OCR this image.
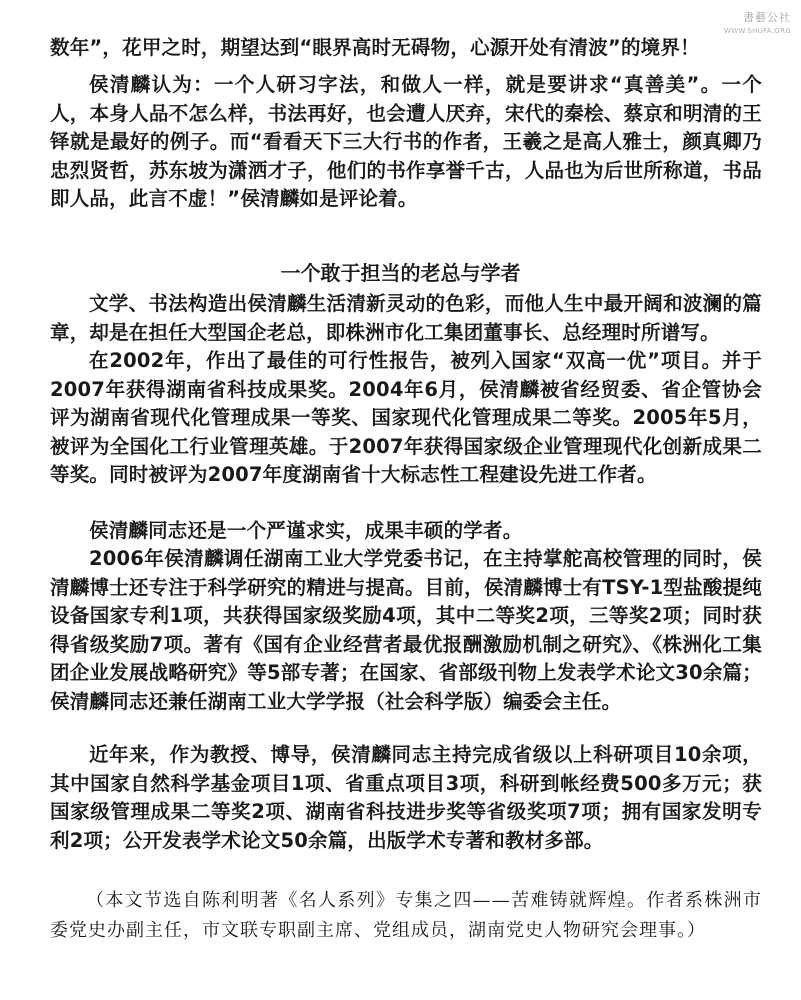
書藝公社
WWW.SHUFA.ORG

数年”，花甲之时，期望达到“眼界高时无碍物，心源开处有清波”的境界！

侯清麟认为：一个人研习字法，和做人一样，就是要讲求“真善美”。一个人，本身人品不怎么样，书法再好，也会遭人厌弃，宋代的秦桧、蔡京和明清的王铎就是最好的例子。而“看看天下三大行书的作者，王羲之是高人雅士，颜真卿乃忠烈贤哲，苏东坡为潇洒才子，他们的书作享誉千古，人品也为后世所称道，书品即人品，此言不虚！”侯清麟如是评论着。

一个敢于担当的老总与学者

文学、书法构造出侯清麟生活清新灵动的色彩，而他人生中最开阔和波澜的篇章，却是在担任大型国企老总，即株洲市化工集团董事长、总经理时所谱写。

在2002年，作出了最佳的可行性报告，被列入国家“双高一优”项目。并于2007年获得湖南省科技成果奖。2004年6月，侯清麟被省经贸委、省企管协会评为湖南省现代化管理成果一等奖、国家现代化管理成果二等奖。2005年5月，被评为全国化工行业管理英雄。于2007年获得国家级企业管理现代化创新成果二等奖。同时被评为2007年度湖南省十大标志性工程建设先进工作者。

侯清麟同志还是一个严谨求实，成果丰硕的学者。

2006年侯清麟调任湖南工业大学党委书记，在主持掌舵高校管理的同时，侯清麟博士还专注于科学研究的精进与提高。目前，侯清麟博士有TSY-1型盐酸提纯设备国家专利1项，共获得国家级奖励4项，其中二等奖2项，三等奖2项；同时获得省级奖励7项。著有《国有企业经营者最优报酬激励机制之研究》、《株洲化工集团企业发展战略研究》等5部专著；在国家、省部级刊物上发表学术论文30余篇；侯清麟同志还兼任湖南工业大学学报（社会科学版）编委会主任。

近年来，作为教授、博导，侯清麟同志主持完成省级以上科研项目10余项，其中国家自然科学基金项目1项、省重点项目3项，科研到帐经费500多万元；获国家级管理成果二等奖2项、湖南省科技进步奖等省级奖项7项；拥有国家发明专利2项；公开发表学术论文50余篇，出版学术专著和教材多部。

（本文节选自陈利明著《名人系列》专集之四——苦难铸就辉煌。作者系株洲市委党史办副主任，市文联专职副主席、党组成员，湖南党史人物研究会理事。）
